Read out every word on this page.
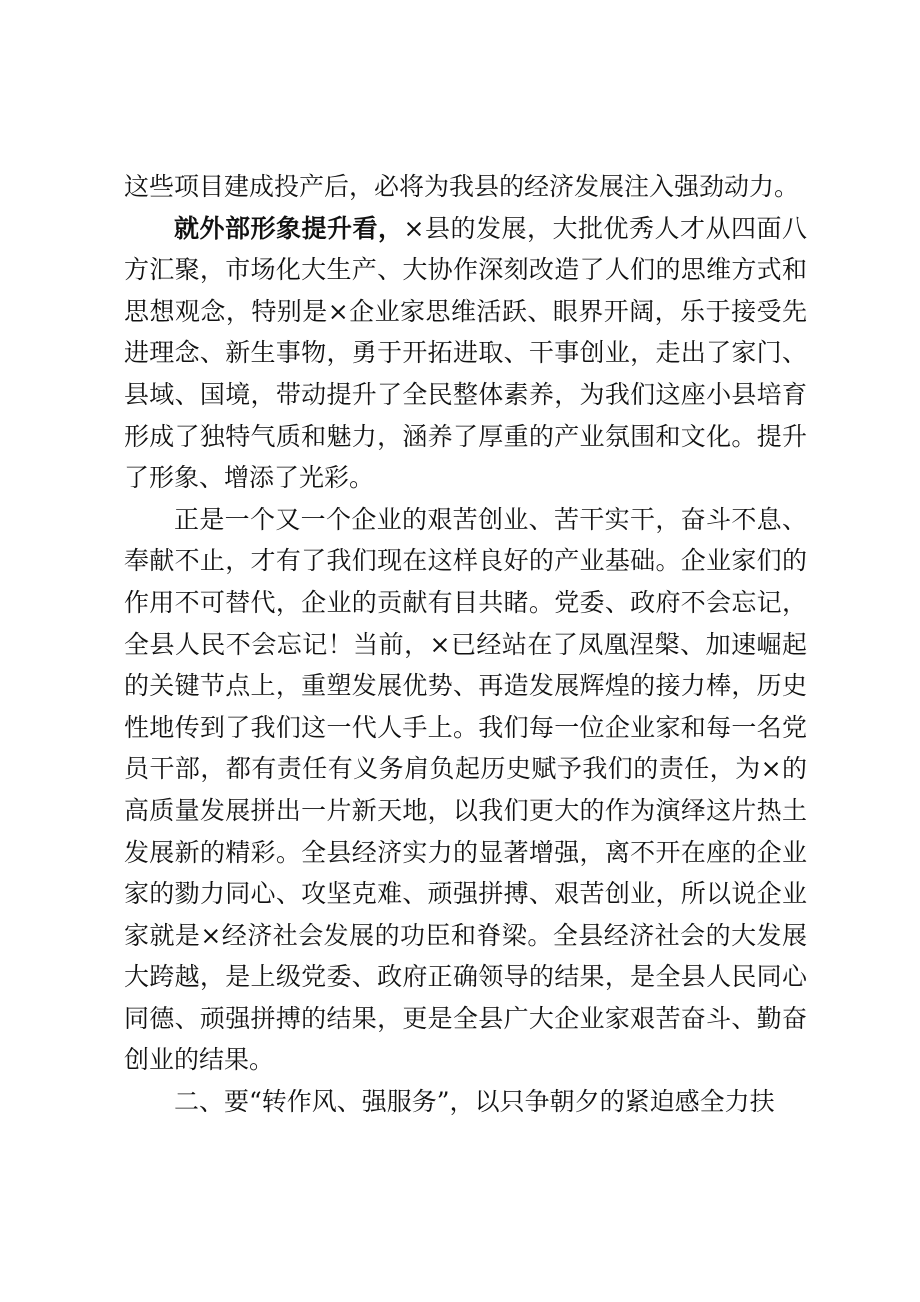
这些项目建成投产后，必将为我县的经济发展注入强劲动力。

就外部形象提升看，×县的发展，大批优秀人才从四面八方汇聚，市场化大生产、大协作深刻改造了人们的思维方式和思想观念，特别是×企业家思维活跃、眼界开阔，乐于接受先进理念、新生事物，勇于开拓进取、干事创业，走出了家门、县域、国境，带动提升了全民整体素养，为我们这座小县培育形成了独特气质和魅力，涵养了厚重的产业氛围和文化。提升了形象、增添了光彩。

正是一个又一个企业的艰苦创业、苦干实干，奋斗不息、奉献不止，才有了我们现在这样良好的产业基础。企业家们的作用不可替代，企业的贡献有目共睹。党委、政府不会忘记，全县人民不会忘记！当前，×已经站在了凤凰涅槃、加速崛起的关键节点上，重塑发展优势、再造发展辉煌的接力棒，历史性地传到了我们这一代人手上。我们每一位企业家和每一名党员干部，都有责任有义务肩负起历史赋予我们的责任，为×的高质量发展拼出一片新天地，以我们更大的作为演绎这片热土发展新的精彩。全县经济实力的显著增强，离不开在座的企业家的勠力同心、攻坚克难、顽强拼搏、艰苦创业，所以说企业家就是×经济社会发展的功臣和脊梁。全县经济社会的大发展大跨越，是上级党委、政府正确领导的结果，是全县人民同心同德、顽强拼搏的结果，更是全县广大企业家艰苦奋斗、勤奋创业的结果。

二、要“转作风、强服务”，以只争朝夕的紧迫感全力扶
